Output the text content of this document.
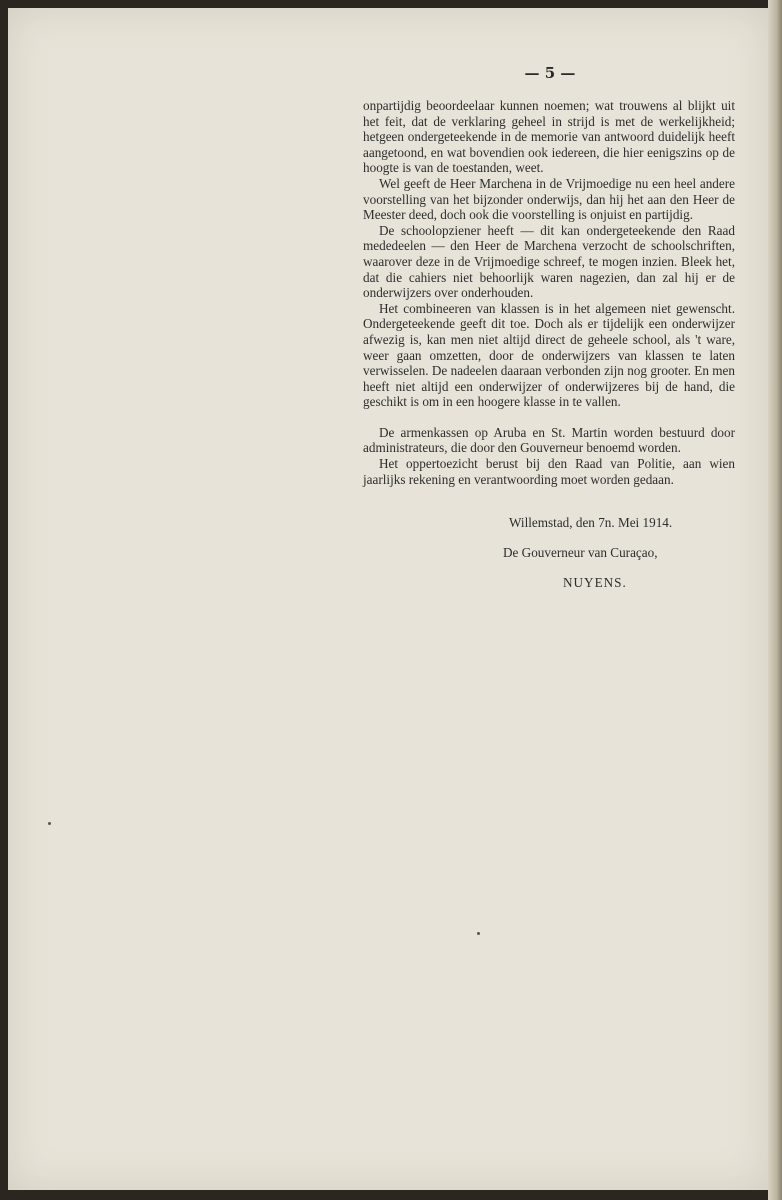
— 5 —

onpartijdig beoordeelaar kunnen noemen; wat trouwens al blijkt uit het feit, dat de verklaring geheel in strijd is met de werkelijkheid; hetgeen ondergeteekende in de memorie van antwoord duidelijk heeft aangetoond, en wat bovendien ook iedereen, die hier eenigszins op de hoogte is van de toestanden, weet.

Wel geeft de Heer Marchena in de Vrijmoedige nu een heel andere voorstelling van het bijzonder onderwijs, dan hij het aan den Heer de Meester deed, doch ook die voorstelling is onjuist en partijdig.

De schoolopziener heeft — dit kan ondergeteekende den Raad mededeelen — den Heer de Marchena verzocht de schoolschriften, waarover deze in de Vrijmoedige schreef, te mogen inzien. Bleek het, dat die cahiers niet behoorlijk waren nagezien, dan zal hij er de onderwijzers over onderhouden.

Het combineeren van klassen is in het algemeen niet gewenscht. Ondergeteekende geeft dit toe. Doch als er tijdelijk een onderwijzer afwezig is, kan men niet altijd direct de geheele school, als 't ware, weer gaan omzetten, door de onderwijzers van klassen te laten verwisselen. De nadeelen daaraan verbonden zijn nog grooter. En men heeft niet altijd een onderwijzer of onderwijzeres bij de hand, die geschikt is om in een hoogere klasse in te vallen.

De armenkassen op Aruba en St. Martin worden bestuurd door administrateurs, die door den Gouverneur benoemd worden.

Het oppertoezicht berust bij den Raad van Politie, aan wien jaarlijks rekening en verantwoording moet worden gedaan.

Willemstad, den 7n. Mei 1914.
De Gouverneur van Curaçao,
NUYENS.
